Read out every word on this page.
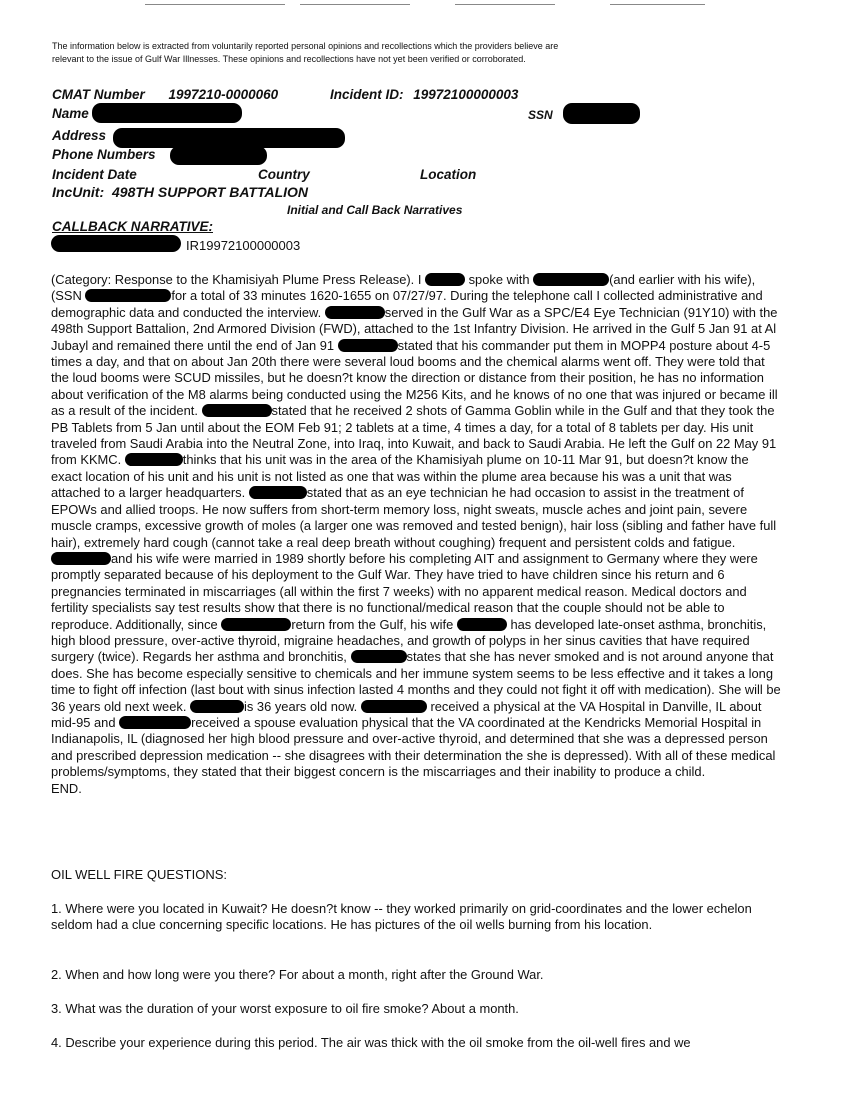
The information below is extracted from voluntarily reported personal opinions and recollections which the providers believe are relevant to the issue of Gulf War Illnesses. These opinions and recollections have not yet been verified or corroborated.
CMAT Number 1997210-0000060	Incident ID: 19972100000003
Name	SSN
Address
Phone Numbers
Incident Date	Country	Location
IncUnit: 498TH SUPPORT BATTALION
Initial and Call Back Narratives
CALLBACK NARRATIVE:
IR19972100000003

(Category: Response to the Khamisiyah Plume Press Release). I	spoke with	(and earlier with his wife), (SSN	for a total of 33 minutes 1620-1655 on 07/27/97. During the telephone call I collected administrative and demographic data and conducted the interview.	served in the Gulf War as a SPC/E4 Eye Technician (91Y10) with the 498th Support Battalion, 2nd Armored Division (FWD), attached to the 1st Infantry Division. He arrived in the Gulf 5 Jan 91 at Al Jubayl and remained there until the end of Jan 91	stated that his commander put them in MOPP4 posture about 4-5 times a day, and that on about Jan 20th there were several loud booms and the chemical alarms went off. They were told that the loud booms were SCUD missiles, but he doesn?t know the direction or distance from their position, he has no information about verification of the M8 alarms being conducted using the M256 Kits, and he knows of no one that was injured or became ill as a result of the incident.	stated that he received 2 shots of Gamma Goblin while in the Gulf and that they took the PB Tablets from 5 Jan until about the EOM Feb 91; 2 tablets at a time, 4 times a day, for a total of 8 tablets per day. His unit traveled from Saudi Arabia into the Neutral Zone, into Iraq, into Kuwait, and back to Saudi Arabia. He left the Gulf on 22 May 91 from KKMC.	thinks that his unit was in the area of the Khamisiyah plume on 10-11 Mar 91, but doesn?t know the exact location of his unit and his unit is not listed as one that was within the plume area because his was a unit that was attached to a larger headquarters.	stated that as an eye technician he had occasion to assist in the treatment of EPOWs and allied troops. He now suffers from short-term memory loss, night sweats, muscle aches and joint pain, severe muscle cramps, excessive growth of moles (a larger one was removed and tested benign), hair loss (sibling and father have full hair), extremely hard cough (cannot take a real deep breath without coughing) frequent and persistent colds and fatigue. and his wife were married in 1989 shortly before his completing AIT and assignment to Germany where they were promptly separated because of his deployment to the Gulf War. They have tried to have children since his return and 6 pregnancies terminated in miscarriages (all within the first 7 weeks) with no apparent medical reason. Medical doctors and fertility specialists say test results show that there is no functional/medical reason that the couple should not be able to reproduce. Additionally, since	return from the Gulf, his wife	has developed late-onset asthma, bronchitis, high blood pressure, over-active thyroid, migraine headaches, and growth of polyps in her sinus cavities that have required surgery (twice). Regards her asthma and bronchitis,	states that she has never smoked and is not around anyone that does. She has become especially sensitive to chemicals and her immune system seems to be less effective and it takes a long time to fight off infection (last bout with sinus infection lasted 4 months and they could not fight it off with medication). She will be 36 years old next week.	is 36 years old now.	received a physical at the VA Hospital in Danville, IL about mid-95 and	received a spouse evaluation physical that the VA coordinated at the Kendricks Memorial Hospital in Indianapolis, IL (diagnosed her high blood pressure and over-active thyroid, and determined that she was a depressed person and prescribed depression medication -- she disagrees with their determination the she is depressed). With all of these medical problems/symptoms, they stated that their biggest concern is the miscarriages and their inability to produce a child.

END.

OIL WELL FIRE QUESTIONS:
1. Where were you located in Kuwait? He doesn?t know -- they worked primarily on grid-coordinates and the lower echelon seldom had a clue concerning specific locations. He has pictures of the oil wells burning from his location.
2. When and how long were you there? For about a month, right after the Ground War.
3. What was the duration of your worst exposure to oil fire smoke? About a month.
4. Describe your experience during this period. The air was thick with the oil smoke from the oil-well fires and we
